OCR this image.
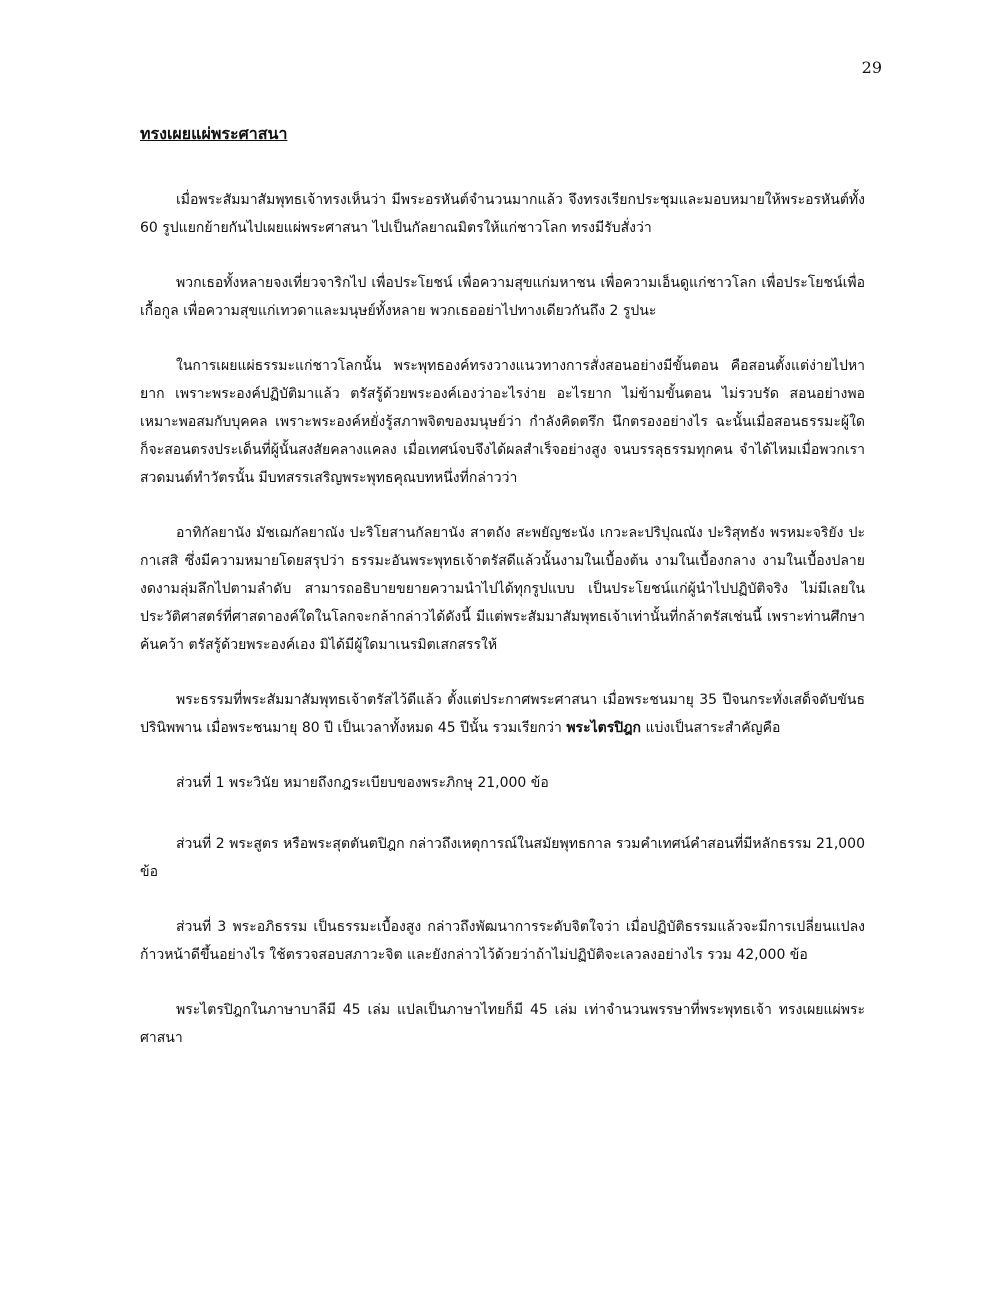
29
ทรงเผยแผ่พระศาสนา

เมื่อพระสัมมาสัมพุทธเจ้าทรงเห็นว่า มีพระอรหันต์จำนวนมากแล้ว จึงทรงเรียกประชุมและมอบหมายให้พระอรหันต์ทั้ง 60 รูปแยกย้ายกันไปเผยแผ่พระศาสนา ไปเป็นกัลยาณมิตรให้แก่ชาวโลก ทรงมีรับสั่งว่า

พวกเธอทั้งหลายจงเที่ยวจาริกไป เพื่อประโยชน์ เพื่อความสุขแก่มหาชน เพื่อความเอ็นดูแก่ชาวโลก เพื่อประโยชน์เพื่อเกื้อกูล เพื่อความสุขแก่เทวดาและมนุษย์ทั้งหลาย พวกเธออย่าไปทางเดียวกันถึง 2 รูปนะ

ในการเผยแผ่ธรรมะแก่ชาวโลกนั้น พระพุทธองค์ทรงวางแนวทางการสั่งสอนอย่างมีขั้นตอน คือสอนตั้งแต่ง่ายไปหายาก เพราะพระองค์ปฏิบัติมาแล้ว ตรัสรู้ด้วยพระองค์เองว่าอะไรง่าย อะไรยาก ไม่ข้ามขั้นตอน ไม่รวบรัด สอนอย่างพอเหมาะพอสมกับบุคคล เพราะพระองค์หยั่งรู้สภาพจิตของมนุษย์ว่า กำลังคิดตรึก นึกตรองอย่างไร ฉะนั้นเมื่อสอนธรรมะผู้ใด ก็จะสอนตรงประเด็นที่ผู้นั้นสงสัยคลางแคลง เมื่อเทศน์จบจึงได้ผลสำเร็จอย่างสูง จนบรรลุธรรมทุกคน จำได้ไหมเมื่อพวกเราสวดมนต์ทำวัตรนั้น มีบทสรรเสริญพระพุทธคุณบทหนึ่งที่กล่าวว่า

อาทิกัลยานัง มัชเฌกัลยาณัง ปะริโยสานกัลยานัง สาตถัง สะพยัญชะนัง เกวะละปริปุณณัง ปะริสุทธัง พรหมะจริยัง ปะกาเสสิ ซึ่งมีความหมายโดยสรุปว่า ธรรมะอันพระพุทธเจ้าตรัสดีแล้วนั้นงามในเบื้องต้น งามในเบื้องกลาง งามในเบื้องปลาย งดงามลุ่มลึกไปตามลำดับ สามารถอธิบายขยายความนำไปได้ทุกรูปแบบ เป็นประโยชน์แก่ผู้นำไปปฏิบัติจริง ไม่มีเลยในประวัติศาสตร์ที่ศาสดาองค์ใดในโลกจะกล้ากล่าวได้ดังนี้ มีแต่พระสัมมาสัมพุทธเจ้าเท่านั้นที่กล้าตรัสเช่นนี้ เพราะท่านศึกษาค้นคว้า ตรัสรู้ด้วยพระองค์เอง มิได้มีผู้ใดมาเนรมิตเสกสรรให้

พระธรรมที่พระสัมมาสัมพุทธเจ้าตรัสไว้ดีแล้ว ตั้งแต่ประกาศพระศาสนา เมื่อพระชนมายุ 35 ปีจนกระทั่งเสด็จดับขันธปรินิพพาน เมื่อพระชนมายุ 80 ปี เป็นเวลาทั้งหมด 45 ปีนั้น รวมเรียกว่า พระไตรปิฎก แบ่งเป็นสาระสำคัญคือ

ส่วนที่ 1 พระวินัย หมายถึงกฎระเบียบของพระภิกษุ 21,000 ข้อ

ส่วนที่ 2 พระสูตร หรือพระสุตตันตปิฎก กล่าวถึงเหตุการณ์ในสมัยพุทธกาล รวมคำเทศน์คำสอนที่มีหลักธรรม 21,000 ข้อ

ส่วนที่ 3 พระอภิธรรม เป็นธรรมะเบื้องสูง กล่าวถึงพัฒนาการระดับจิตใจว่า เมื่อปฏิบัติธรรมแล้วจะมีการเปลี่ยนแปลงก้าวหน้าดีขึ้นอย่างไร ใช้ตรวจสอบสภาวะจิต และยังกล่าวไว้ด้วยว่าถ้าไม่ปฏิบัติจะเลวลงอย่างไร รวม 42,000 ข้อ

พระไตรปิฎกในภาษาบาลีมี 45 เล่ม แปลเป็นภาษาไทยก็มี 45 เล่ม เท่าจำนวนพรรษาที่พระพุทธเจ้า ทรงเผยแผ่พระศาสนา
